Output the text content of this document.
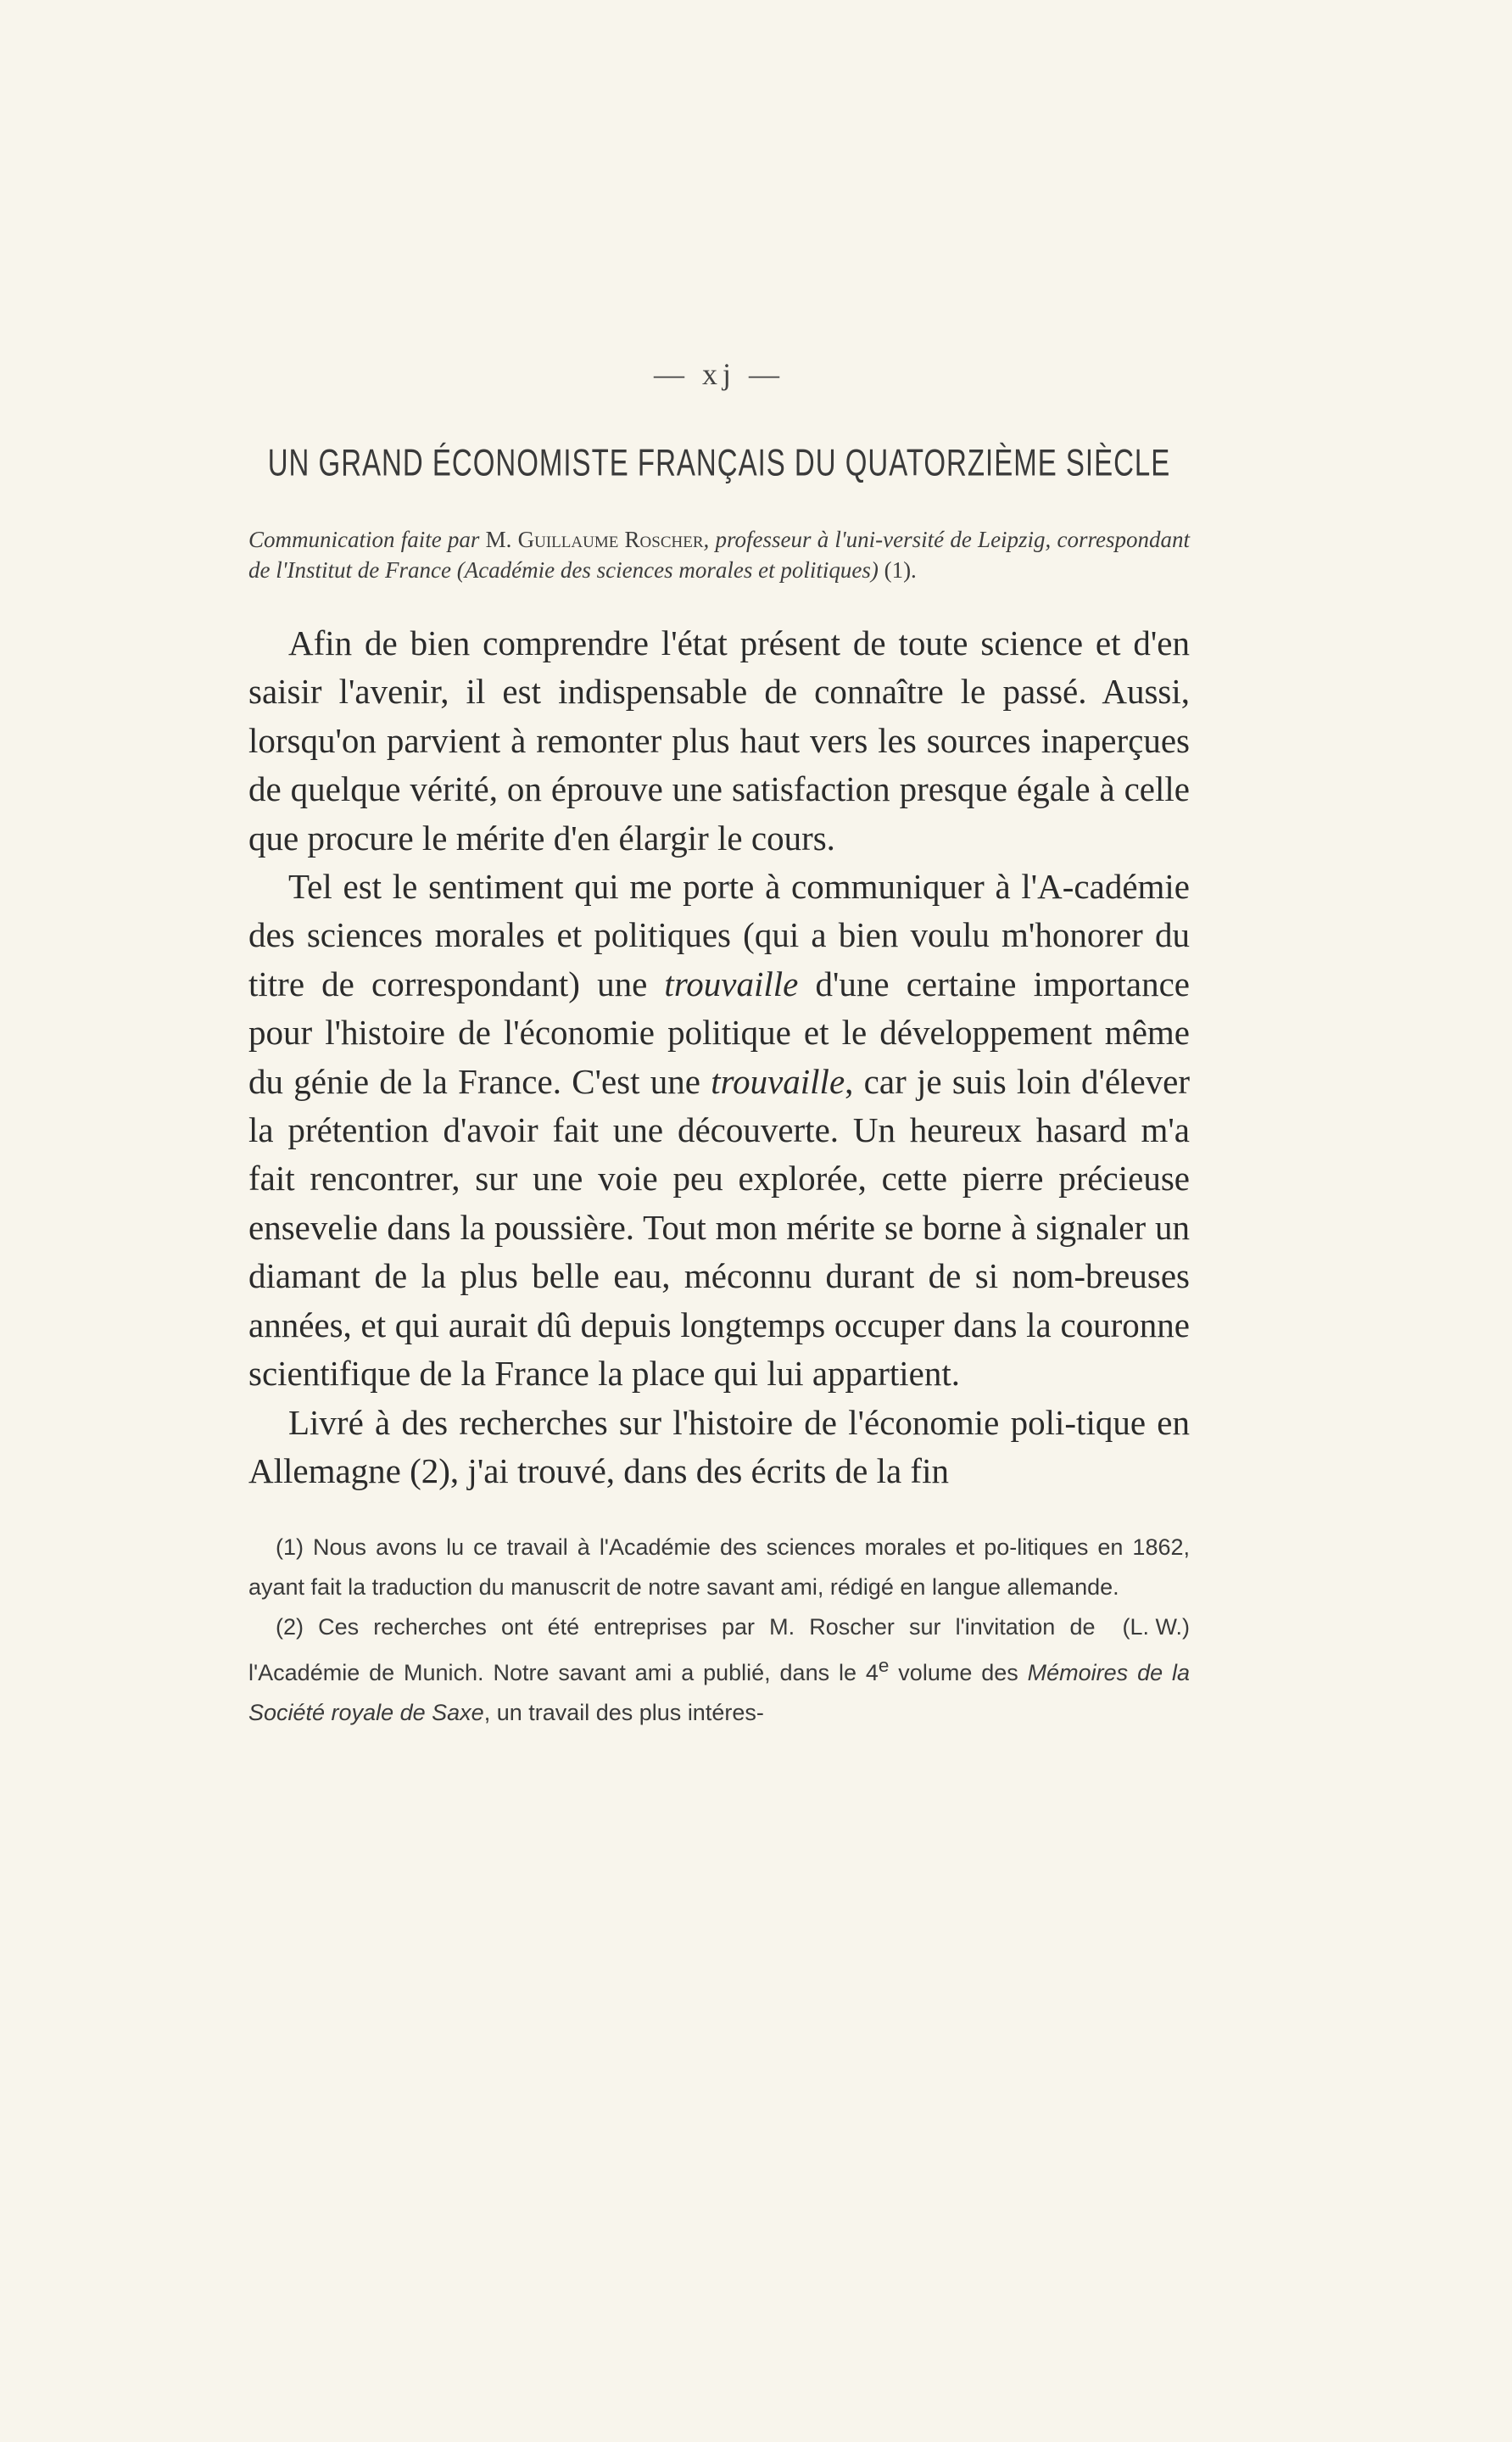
— xj —
UN GRAND ÉCONOMISTE FRANÇAIS DU QUATORZIÈME SIÈCLE
Communication faite par M. Guillaume Roscher, professeur à l'uni-versité de Leipzig, correspondant de l'Institut de France (Académie des sciences morales et politiques) (1).

Afin de bien comprendre l'état présent de toute science et d'en saisir l'avenir, il est indispensable de connaître le passé. Aussi, lorsqu'on parvient à remonter plus haut vers les sources inaperçues de quelque vérité, on éprouve une satisfaction presque égale à celle que procure le mérite d'en élargir le cours.

Tel est le sentiment qui me porte à communiquer à l'A-cadémie des sciences morales et politiques (qui a bien voulu m'honorer du titre de correspondant) une trouvaille d'une certaine importance pour l'histoire de l'économie politique et le développement même du génie de la France. C'est une trouvaille, car je suis loin d'élever la prétention d'avoir fait une découverte. Un heureux hasard m'a fait rencontrer, sur une voie peu explorée, cette pierre précieuse ensevelie dans la poussière. Tout mon mérite se borne à signaler un diamant de la plus belle eau, méconnu durant de si nom-breuses années, et qui aurait dû depuis longtemps occuper dans la couronne scientifique de la France la place qui lui appartient.

Livré à des recherches sur l'histoire de l'économie poli-tique en Allemagne (2), j'ai trouvé, dans des écrits de la fin

(1) Nous avons lu ce travail à l'Académie des sciences morales et po-litiques en 1862, ayant fait la traduction du manuscrit de notre savant ami, rédigé en langue allemande.
(L. W.)

(2) Ces recherches ont été entreprises par M. Roscher sur l'invitation de l'Académie de Munich. Notre savant ami a publié, dans le 4e volume des Mémoires de la Société royale de Saxe, un travail des plus intéres-
